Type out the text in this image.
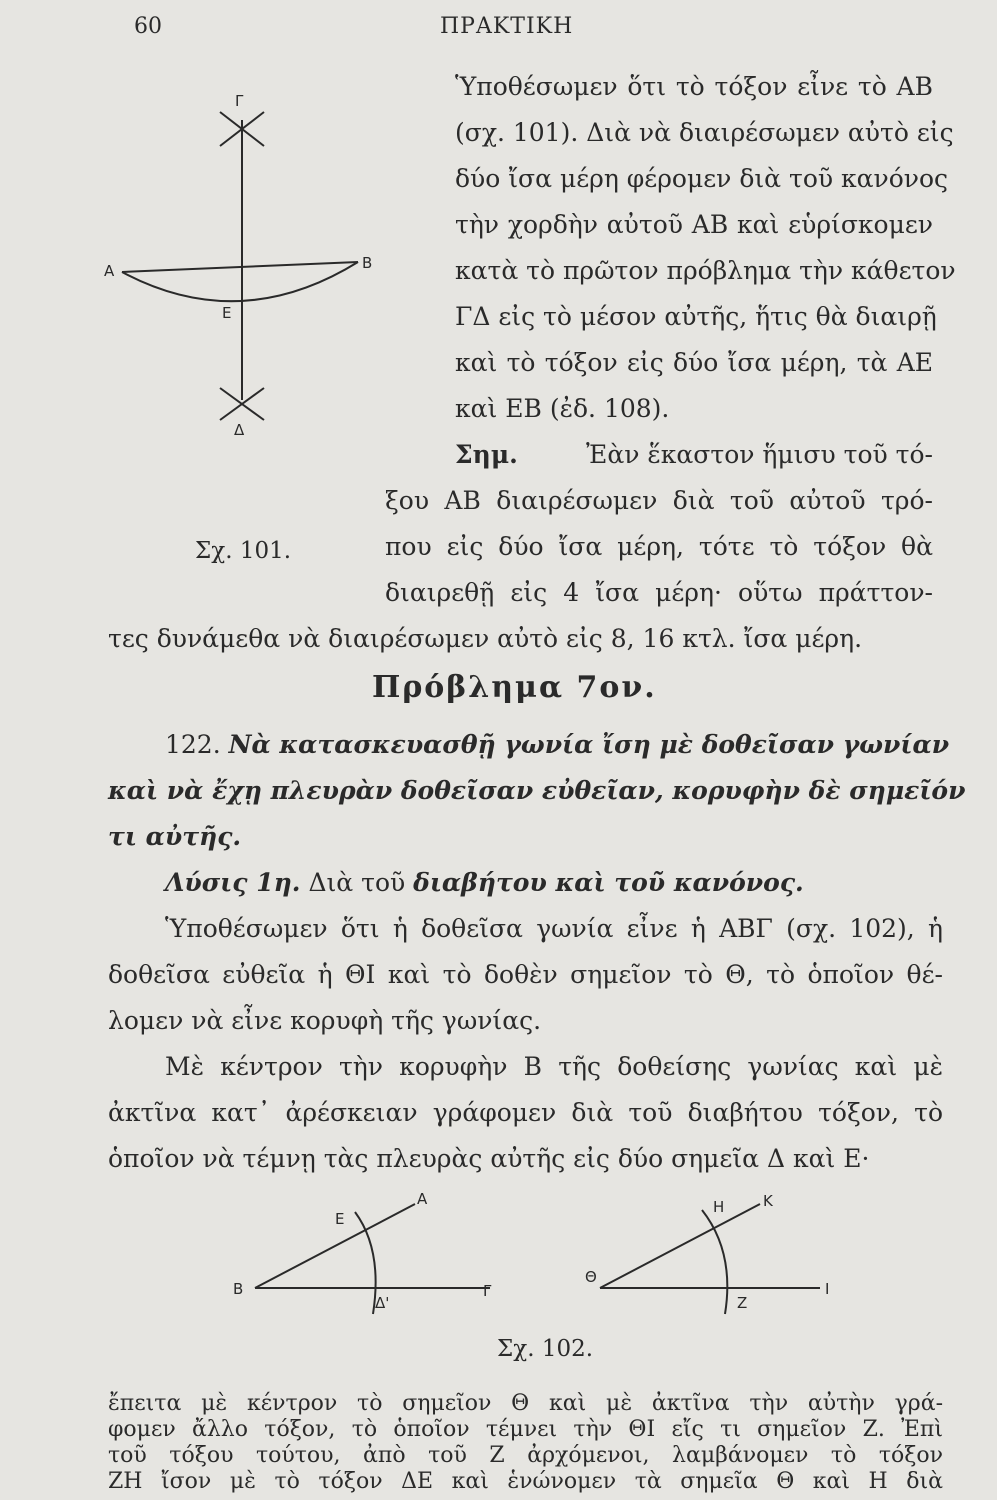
60	ΠΡΑΚΤΙΚΗ
Γ
Α	Β
Ε
Δ
Ὑποθέσωμεν ὅτι τὸ τόξον εἶνε τὸ ΑΒ
(σχ. 101). Διὰ νὰ διαιρέσωμεν αὐτὸ εἰς
δύο ἴσα μέρη φέρομεν διὰ τοῦ κανόνος
τὴν χορδὴν αὐτοῦ ΑΒ καὶ εὑρίσκομεν
κατὰ τὸ πρῶτον πρόβλημα τὴν κάθετον
ΓΔ εἰς τὸ μέσον αὐτῆς, ἥτις θὰ διαιρῇ
καὶ τὸ τόξον εἰς δύο ἴσα μέρη, τὰ ΑΕ
καὶ ΕΒ (ἐδ. 108).
Σημ.	Ἐὰν ἕκαστον ἥμισυ τοῦ τό-
ξου ΑΒ διαιρέσωμεν διὰ τοῦ αὐτοῦ τρό-
που εἰς δύο ἴσα μέρη, τότε τὸ τόξον θὰ
διαιρεθῇ εἰς 4 ἴσα μέρη· οὕτω πράττον-
Σχ. 101.
τες δυνάμεθα νὰ διαιρέσωμεν αὐτὸ εἰς 8, 16 κτλ. ἴσα μέρη.
Πρόβλημα 7ον.
122. Νὰ κατασκευασθῇ γωνία ἴση μὲ δοθεῖσαν γωνίαν
καὶ νὰ ἔχῃ πλευρὰν δοθεῖσαν εὐθεῖαν, κορυφὴν δὲ σημεῖόν
τι αὐτῆς.
Λύσις 1η. Διὰ τοῦ διαβήτου καὶ τοῦ κανόνος.
Ὑποθέσωμεν ὅτι ἡ δοθεῖσα γωνία εἶνε ἡ ΑΒΓ (σχ. 102), ἡ
δοθεῖσα εὐθεῖα ἡ ΘΙ καὶ τὸ δοθὲν σημεῖον τὸ Θ, τὸ ὁποῖον θέ-
λομεν νὰ εἶνε κορυφὴ τῆς γωνίας.
Μὲ κέντρον τὴν κορυφὴν Β τῆς δοθείσης γωνίας καὶ μὲ
ἀκτῖνα κατ᾽ ἀρέσκειαν γράφομεν διὰ τοῦ διαβήτου τόξον, τὸ
ὁποῖον νὰ τέμνῃ τὰς πλευρὰς αὐτῆς εἰς δύο σημεῖα Δ καὶ Ε·
Α
Ε
Β
Δ'
Γ
Η	Κ
Θ
Ζ
Ι
Σχ. 102.
ἔπειτα μὲ κέντρον τὸ σημεῖον Θ καὶ μὲ ἀκτῖνα τὴν αὐτὴν γρά-
φομεν ἄλλο τόξον, τὸ ὁποῖον τέμνει τὴν ΘΙ εἴς τι σημεῖον Ζ. Ἐπὶ
τοῦ τόξου τούτου, ἀπὸ τοῦ Ζ ἀρχόμενοι, λαμβάνομεν τὸ τόξον
ΖΗ ἴσον μὲ τὸ τόξον ΔΕ καὶ ἑνώνομεν τὰ σημεῖα Θ καὶ Η διὰ
